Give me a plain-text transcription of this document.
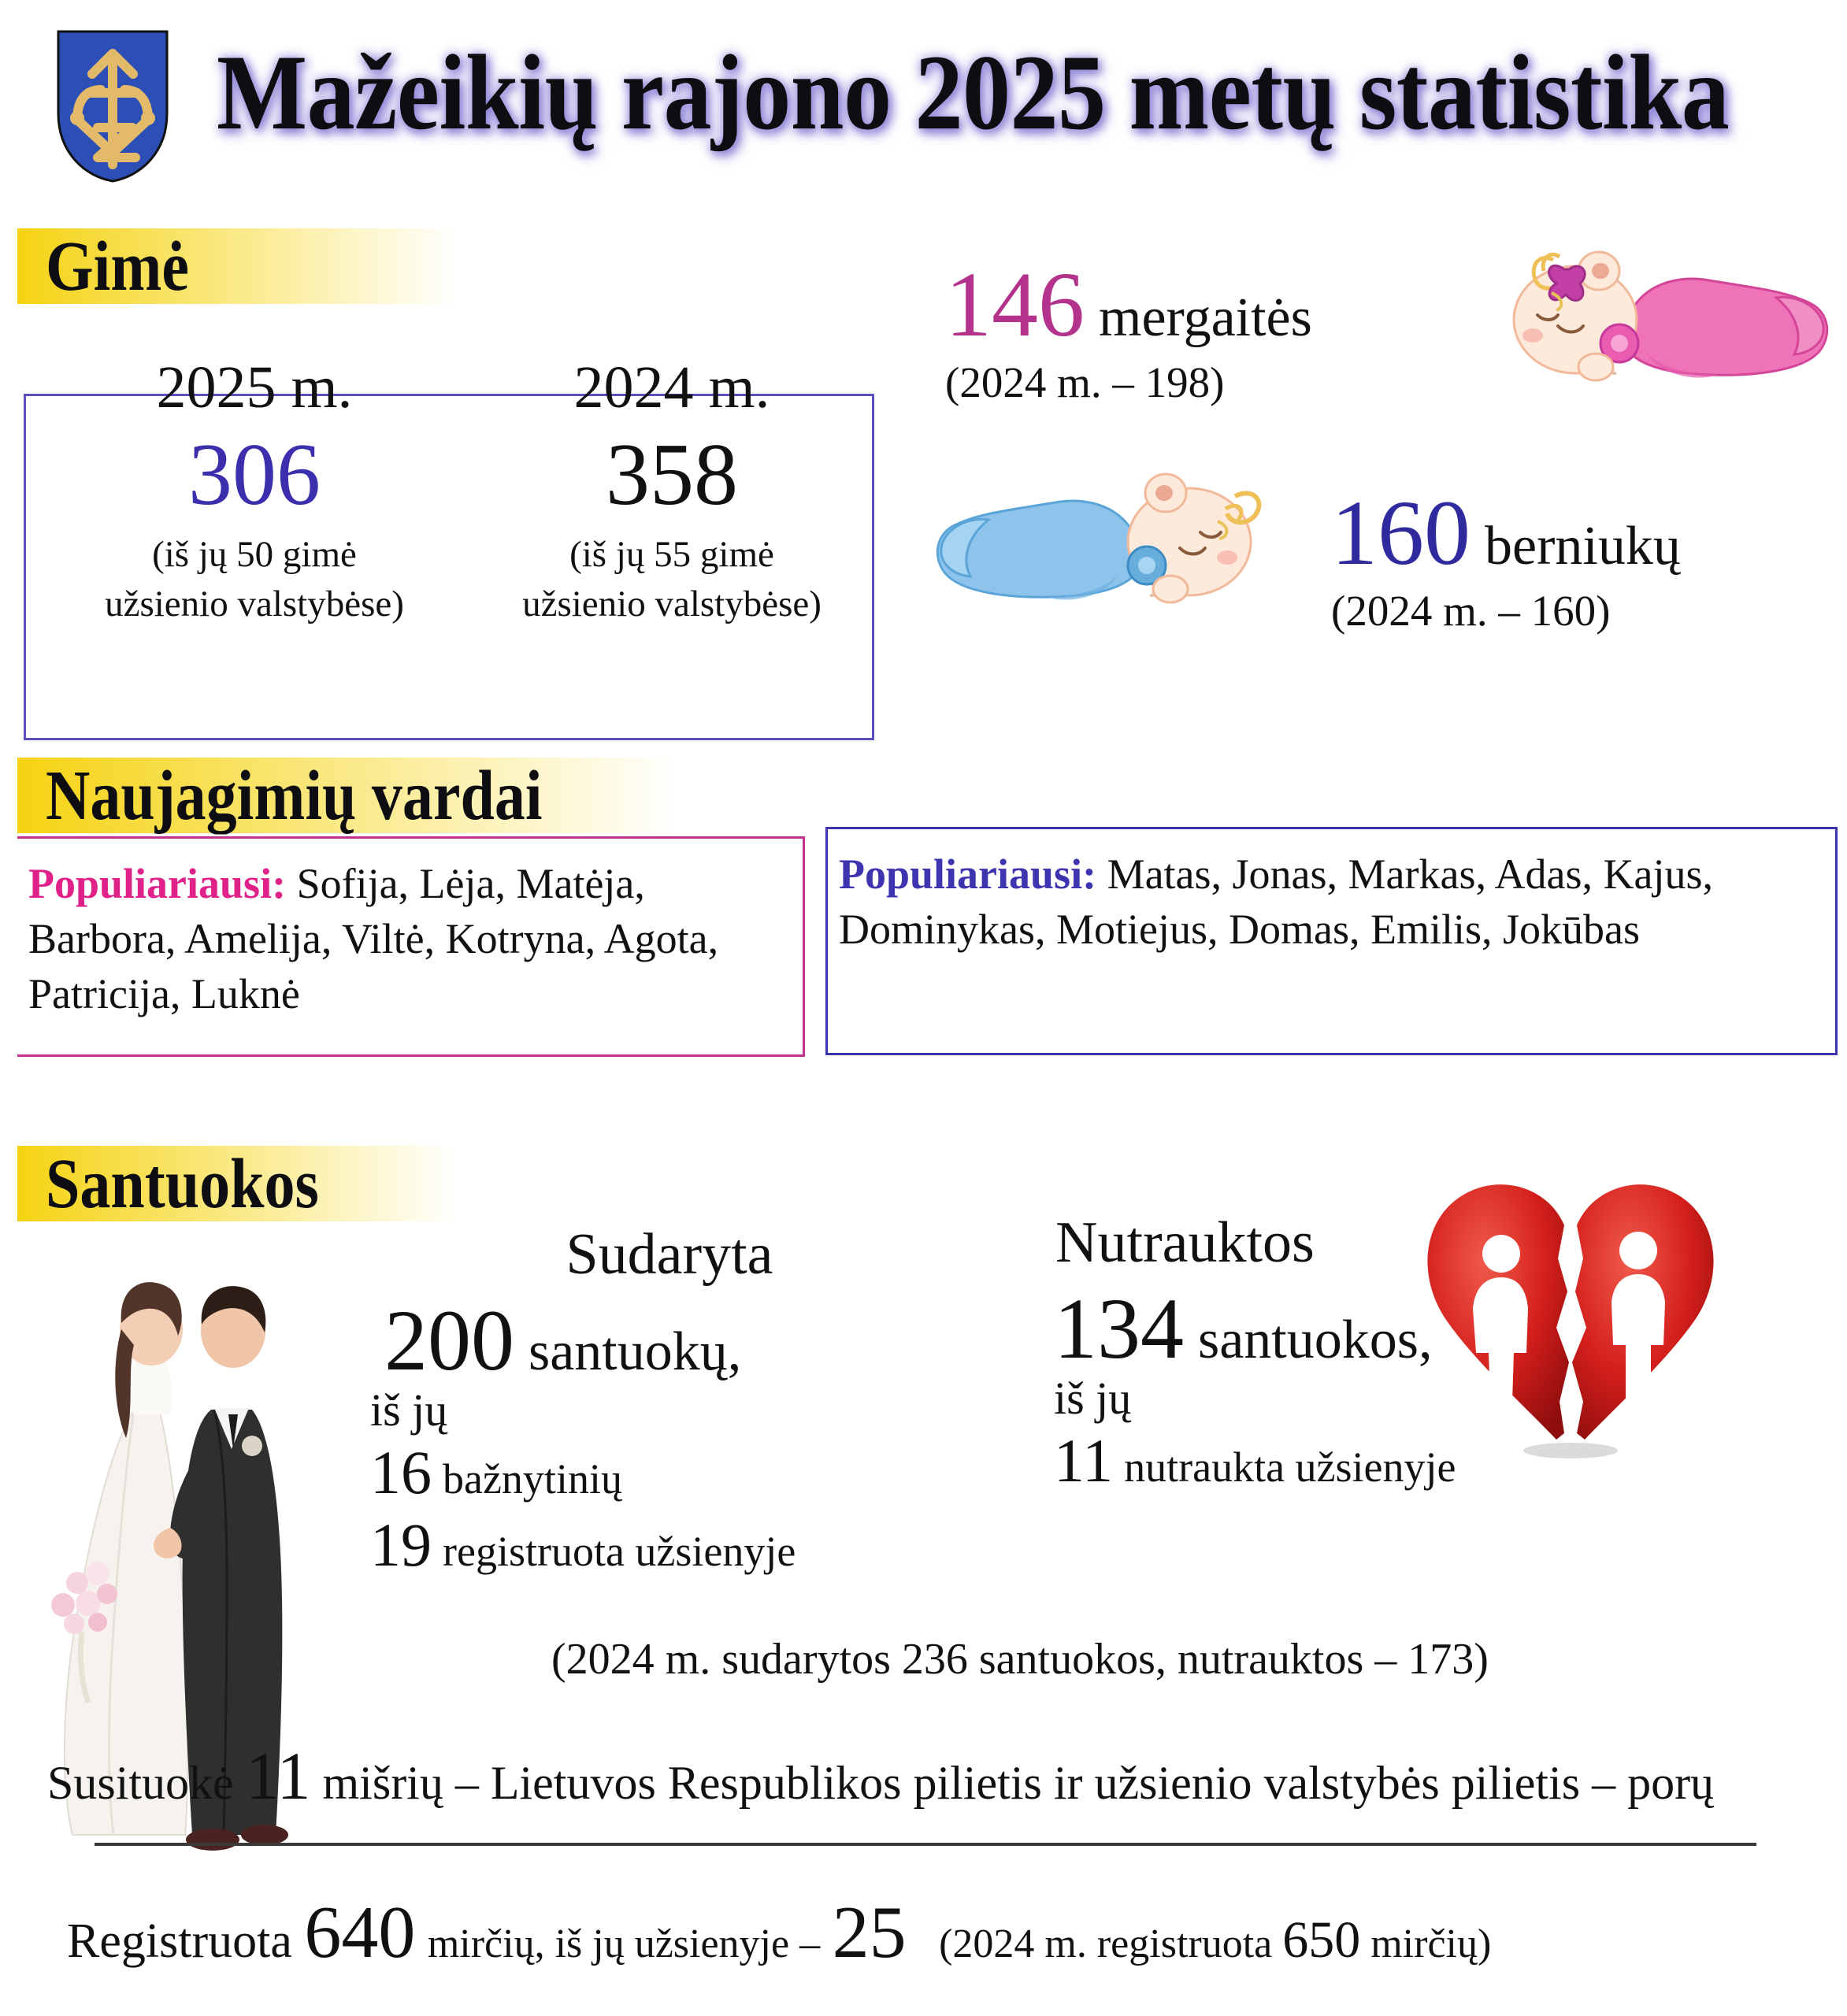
Mažeikių rajono 2025 metų statistika
Gimė
2025 m.
306
(iš jų 50 gimė
užsienio valstybėse)
2024 m.
358
(iš jų 55 gimė
užsienio valstybėse)
146 mergaitės
(2024 m. – 198)
160 berniukų
(2024 m. – 160)
Naujagimių vardai
Populiariausi: Sofija, Lėja, Matėja, Barbora, Amelija, Viltė, Kotryna, Agota, Patricija, Luknė
Populiariausi: Matas, Jonas, Markas, Adas, Kajus, Dominykas, Motiejus, Domas, Emilis, Jokūbas
Santuokos
Sudaryta
200 santuokų,
iš jų
16 bažnytinių
19 registruota užsienyje
Nutrauktos
134 santuokos,
iš jų
11 nutraukta užsienyje
(2024 m. sudarytos 236 santuokos, nutrauktos – 173)
Susituokė 11 mišrių – Lietuvos Respublikos pilietis ir užsienio valstybės pilietis – porų
Registruota 640 mirčių, iš jų užsienyje – 25 (2024 m. registruota 650 mirčių)
